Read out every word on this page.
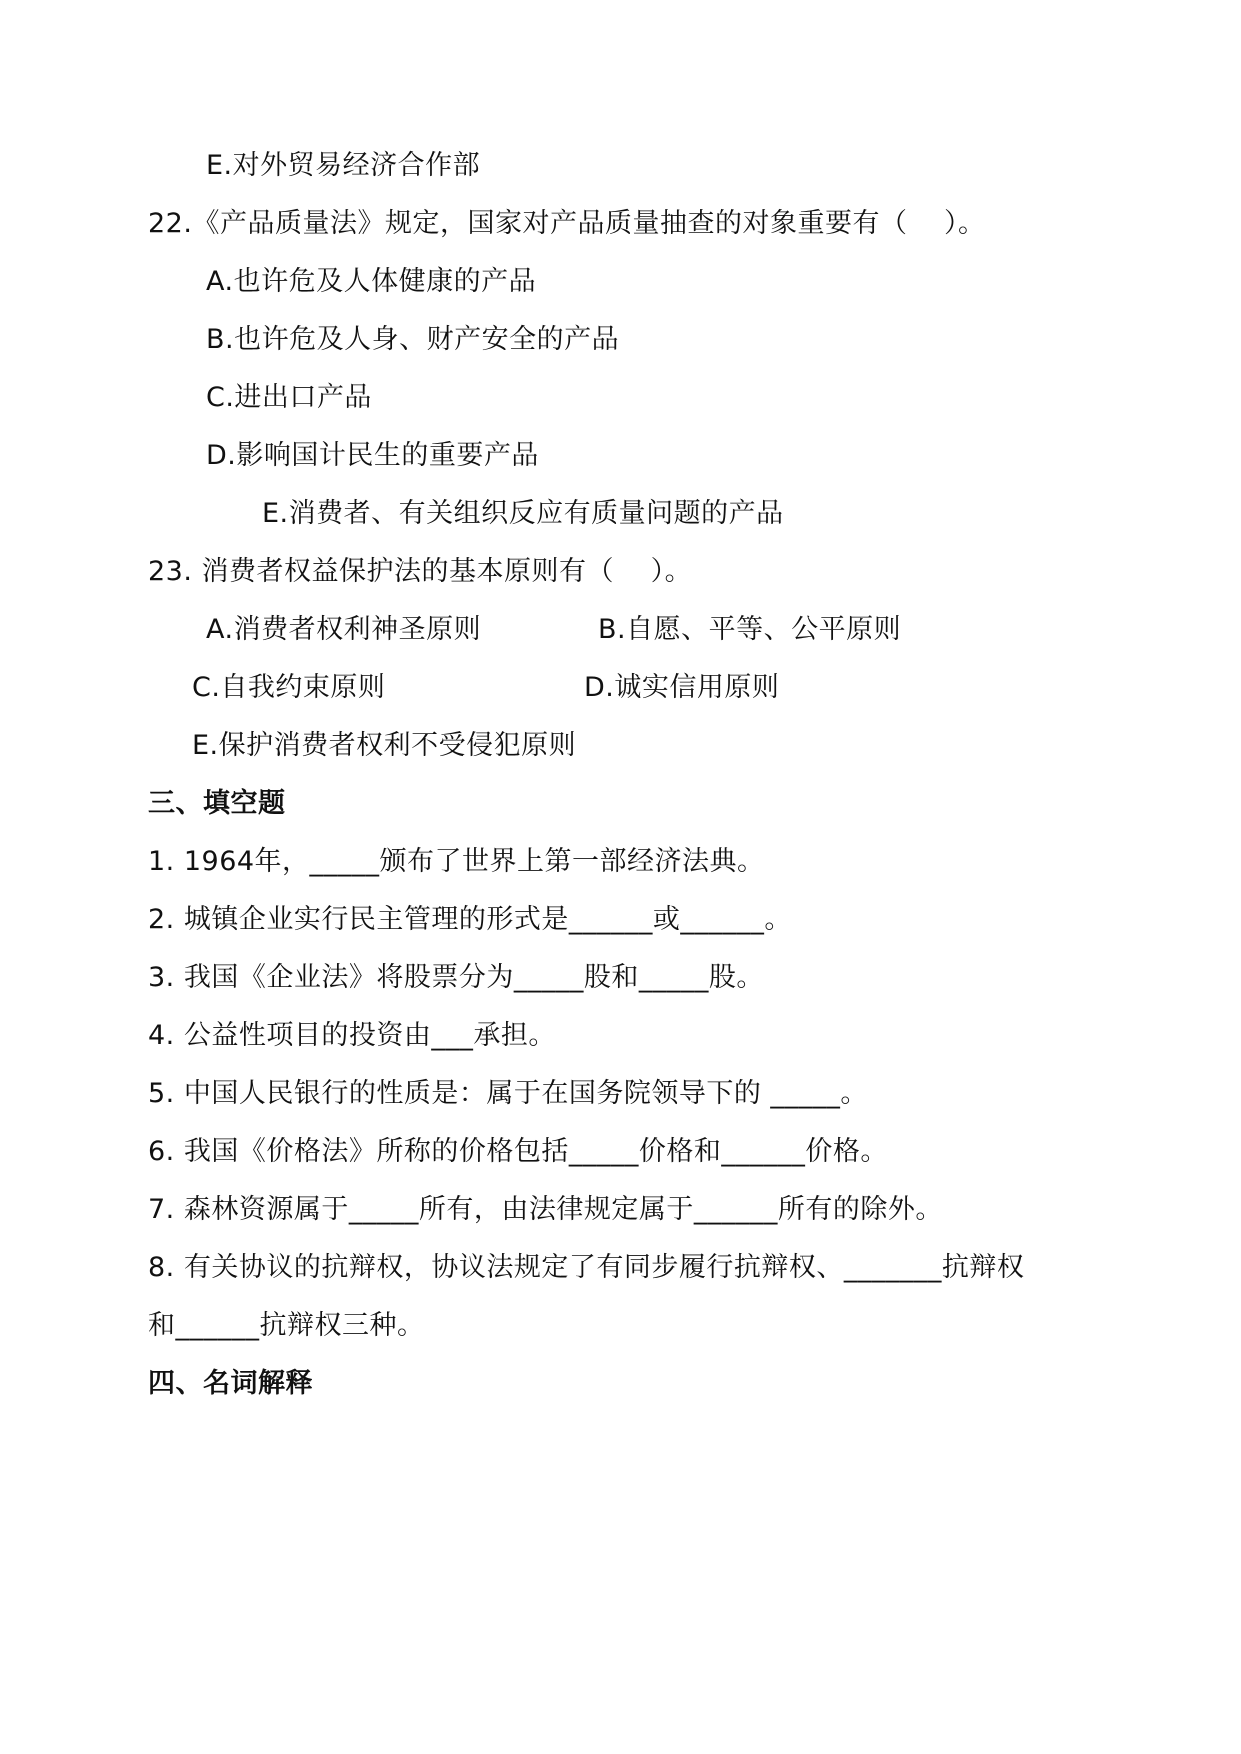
E.对外贸易经济合作部
22.《产品质量法》规定，国家对产品质量抽查的对象重要有（　 ）。
A.也许危及人体健康的产品
B.也许危及人身、财产安全的产品
C.进出口产品
D.影响国计民生的重要产品
E.消费者、有关组织反应有质量问题的产品
23. 消费者权益保护法的基本原则有（　 ）。
A.消费者权利神圣原则	B.自愿、平等、公平原则
C.自我约束原则	D.诚实信用原则
E.保护消费者权利不受侵犯原则
三、填空题
1. 1964年，_____颁布了世界上第一部经济法典。
2. 城镇企业实行民主管理的形式是______或______。
3. 我国《企业法》将股票分为_____股和_____股。
4. 公益性项目的投资由___承担。
5. 中国人民银行的性质是：属于在国务院领导下的 _____。
6. 我国《价格法》所称的价格包括_____价格和______价格。
7. 森林资源属于_____所有，由法律规定属于______所有的除外。
8. 有关协议的抗辩权，协议法规定了有同步履行抗辩权、_______抗辩权
和______抗辩权三种。
四、名词解释
